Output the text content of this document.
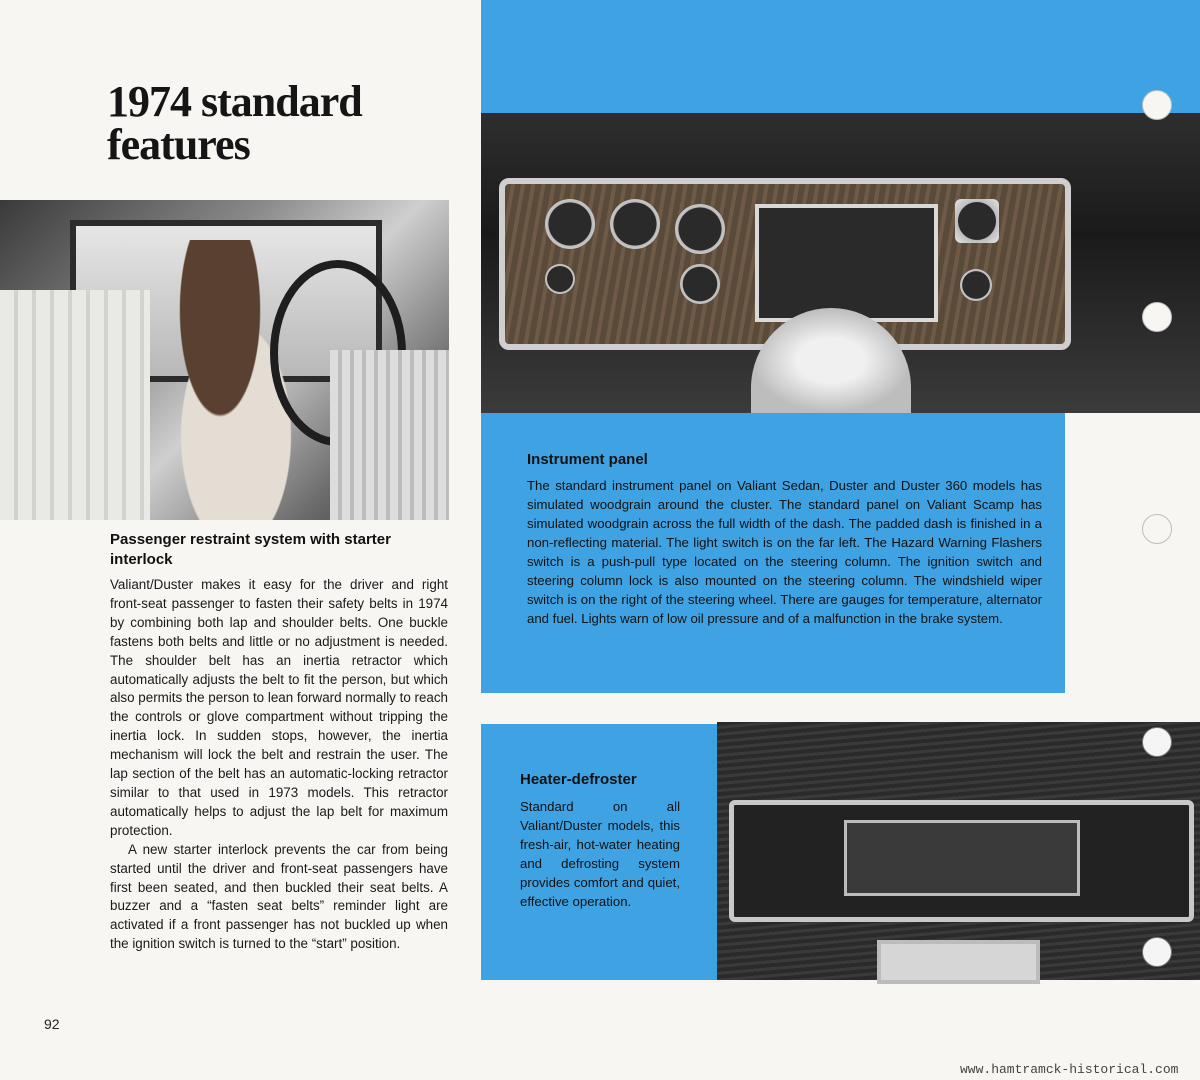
1974 standard features
Passenger restraint system with starter interlock

Valiant/Duster makes it easy for the driver and right front-seat passenger to fasten their safety belts in 1974 by combining both lap and shoulder belts. One buckle fastens both belts and little or no adjustment is needed. The shoulder belt has an inertia retractor which automatically adjusts the belt to fit the person, but which also permits the person to lean forward normally to reach the controls or glove compartment without tripping the inertia lock. In sudden stops, however, the inertia mechanism will lock the belt and restrain the user. The lap section of the belt has an automatic-locking retractor similar to that used in 1973 models. This retractor automatically helps to adjust the lap belt for maximum protection.

A new starter interlock prevents the car from being started until the driver and front-seat passengers have first been seated, and then buckled their seat belts. A buzzer and a “fasten seat belts” reminder light are activated if a front passenger has not buckled up when the ignition switch is turned to the “start” position.

Instrument panel
The standard instrument panel on Valiant Sedan, Duster and Duster 360 models has simulated woodgrain around the cluster. The standard panel on Valiant Scamp has simulated woodgrain across the full width of the dash. The padded dash is finished in a non-reflecting material. The light switch is on the far left. The Hazard Warning Flashers switch is a push-pull type located on the steering column. The ignition switch and steering column lock is also mounted on the steering column. The windshield wiper switch is on the right of the steering wheel. There are gauges for temperature, alternator and fuel. Lights warn of low oil pressure and of a malfunction in the brake system.
Heater-defroster
Standard on all Valiant/Duster models, this fresh-air, hot-water heating and defrosting system provides comfort and quiet, effective operation.
92
www.hamtramck-historical.com
